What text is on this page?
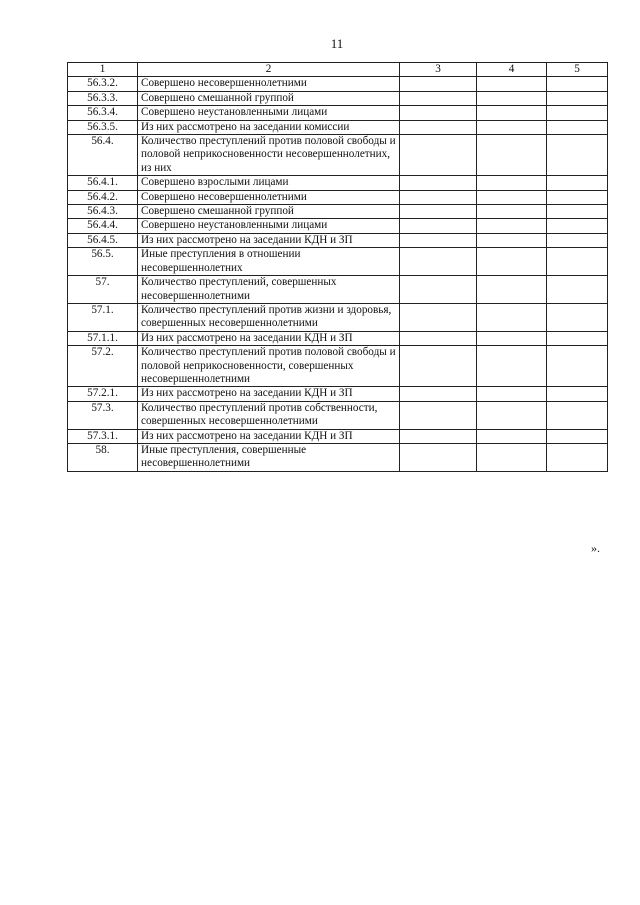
11
1	2	3	4	5
56.3.2.	Совершено несовершеннолетними			
56.3.3.	Совершено смешанной группой			
56.3.4.	Совершено неустановленными лицами			
56.3.5.	Из них рассмотрено на заседании комиссии			
56.4.	Количество преступлений против половой свободы и половой неприкосновенности несовершеннолетних, из них			
56.4.1.	Совершено взрослыми лицами			
56.4.2.	Совершено несовершеннолетними			
56.4.3.	Совершено смешанной группой			
56.4.4.	Совершено неустановленными лицами			
56.4.5.	Из них рассмотрено на заседании КДН и ЗП			
56.5.	Иные преступления в отношении несовершеннолетних			
57.	Количество преступлений, совершенных несовершеннолетними			
57.1.	Количество преступлений против жизни и здоровья, совершенных несовершеннолетними			
57.1.1.	Из них рассмотрено на заседании КДН и ЗП			
57.2.	Количество преступлений против половой свободы и половой неприкосновенности, совершенных несовершеннолетними			
57.2.1.	Из них рассмотрено на заседании КДН и ЗП			
57.3.	Количество преступлений против собственности, совершенных несовершеннолетними			
57.3.1.	Из них рассмотрено на заседании КДН и ЗП			
58.	Иные преступления, совершенные несовершеннолетними			
».
